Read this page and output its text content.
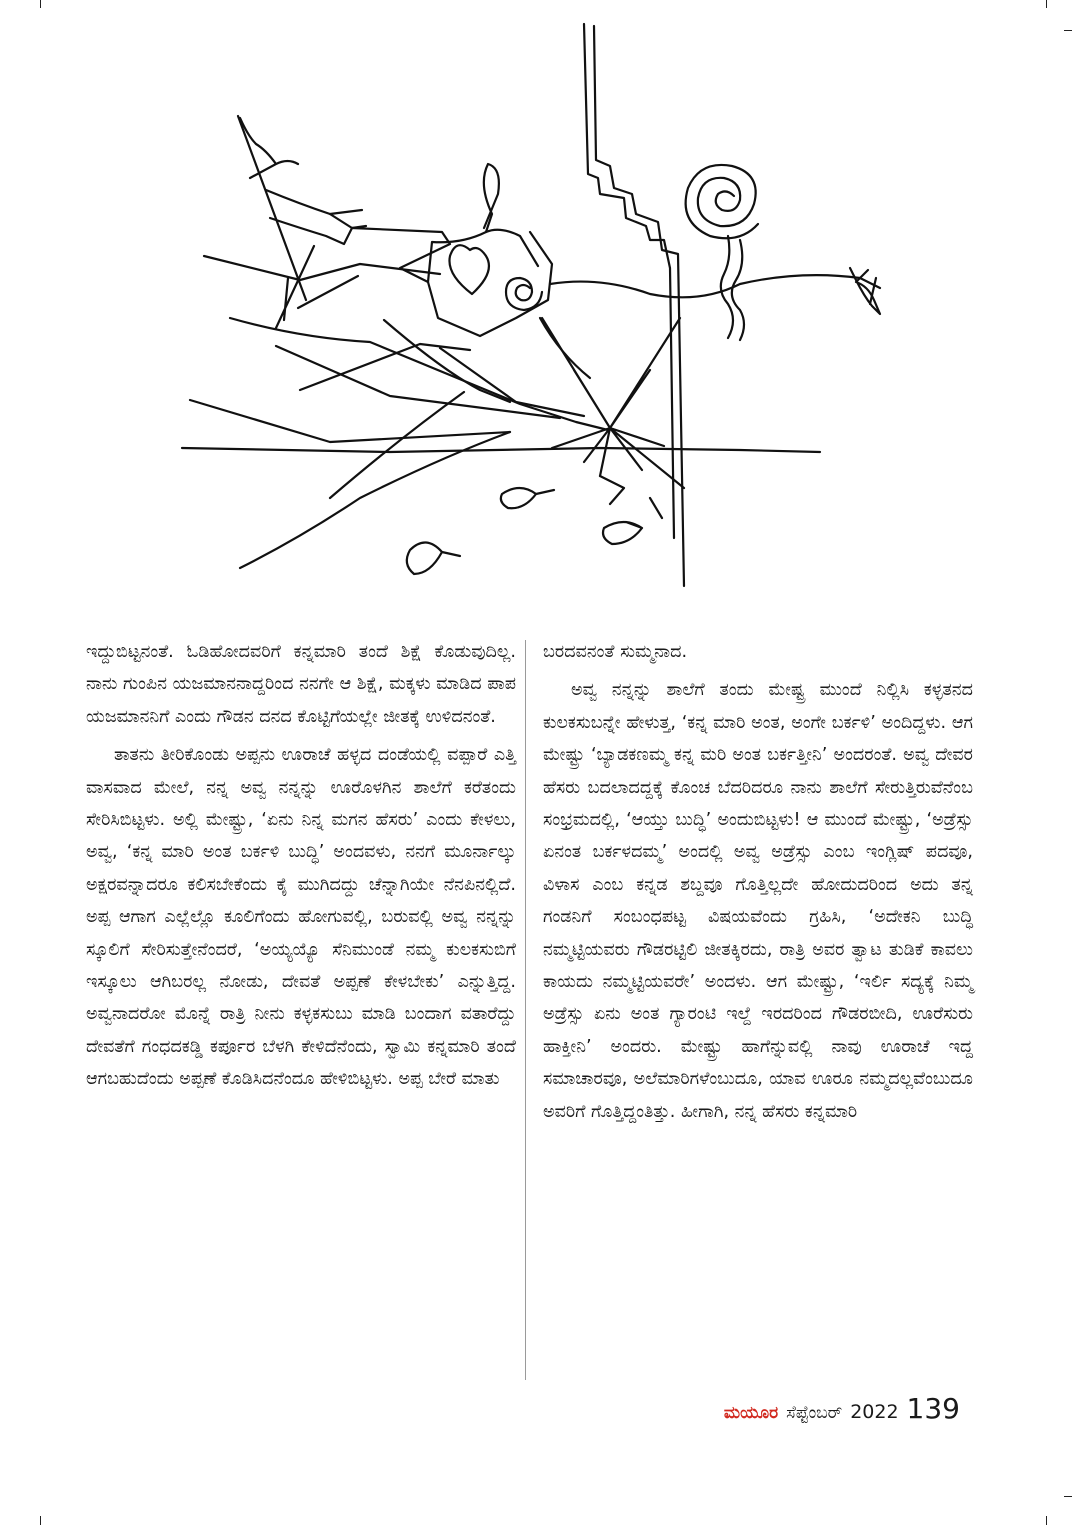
ಇದ್ದುಬಿಟ್ಟನಂತೆ. ಓಡಿಹೋದವರಿಗೆ ಕನ್ನಮಾರಿ ತಂದೆ ಶಿಕ್ಷೆ ಕೊಡುವುದಿಲ್ಲ. ನಾನು ಗುಂಪಿನ ಯಜಮಾನನಾದ್ದರಿಂದ ನನಗೇ ಆ ಶಿಕ್ಷೆ, ಮಕ್ಕಳು ಮಾಡಿದ ಪಾಪ ಯಜಮಾನನಿಗೆ ಎಂದು ಗೌಡನ ದನದ ಕೊಟ್ಟಿಗೆಯಲ್ಲೇ ಜೀತಕ್ಕೆ ಉಳಿದನಂತೆ.

ತಾತನು ತೀರಿಕೊಂಡು ಅಪ್ಪನು ಊರಾಚೆ ಹಳ್ಳದ ದಂಡೆಯಲ್ಲಿ ವಪ್ಪಾರೆ ಎತ್ತಿ ವಾಸವಾದ ಮೇಲೆ, ನನ್ನ ಅವ್ವ ನನ್ನನ್ನು ಊರೊಳಗಿನ ಶಾಲೆಗೆ ಕರೆತಂದು ಸೇರಿಸಿಬಿಟ್ಟಳು. ಅಲ್ಲಿ ಮೇಷ್ಟ್ರು, ‘ಏನು ನಿನ್ನ ಮಗನ ಹೆಸರು’ ಎಂದು ಕೇಳಲು, ಅವ್ವ, ‘ಕನ್ನ ಮಾರಿ ಅಂತ ಬರ್ಕಳಿ ಬುದ್ಧಿ’ ಅಂದವಳು, ನನಗೆ ಮೂರ್ನಾಲ್ಕು ಅಕ್ಷರವನ್ನಾದರೂ ಕಲಿಸಬೇಕೆಂದು ಕೈ ಮುಗಿದದ್ದು ಚೆನ್ನಾಗಿಯೇ ನೆನಪಿನಲ್ಲಿದೆ. ಅಪ್ಪ ಆಗಾಗ ಎಲ್ಲೆಲ್ಲೊ ಕೂಲಿಗೆಂದು ಹೋಗುವಲ್ಲಿ, ಬರುವಲ್ಲಿ ಅವ್ವ ನನ್ನನ್ನು ಸ್ಕೂಲಿಗೆ ಸೇರಿಸುತ್ತೇನೆಂದರೆ, ‘ಅಯ್ಯಯ್ಯೊ ಸೆನಿಮುಂಡೆ ನಮ್ಮ ಕುಲಕಸುಬಿಗೆ ಇಸ್ಕೂಲು ಆಗಿಬರಲ್ಲ ನೋಡು, ದೇವತೆ ಅಪ್ಪಣೆ ಕೇಳಬೇಕು’ ಎನ್ನುತ್ತಿದ್ದ. ಅವ್ವನಾದರೋ ಮೊನ್ನೆ ರಾತ್ರಿ ನೀನು ಕಳ್ಳಕಸುಬು ಮಾಡಿ ಬಂದಾಗ ವತಾರೆದ್ದು ದೇವತೆಗೆ ಗಂಧದಕಡ್ಡಿ ಕರ್ಪೂರ ಬೆಳಗಿ ಕೇಳಿದೆನೆಂದು, ಸ್ವಾಮಿ ಕನ್ನಮಾರಿ ತಂದೆ ಆಗಬಹುದೆಂದು ಅಪ್ಪಣೆ ಕೊಡಿಸಿದನೆಂದೂ ಹೇಳಿಬಿಟ್ಟಳು. ಅಪ್ಪ ಬೇರೆ ಮಾತು

ಬರದವನಂತೆ ಸುಮ್ಮನಾದ.

ಅವ್ವ ನನ್ನನ್ನು ಶಾಲೆಗೆ ತಂದು ಮೇಷ್ಟ್ರ ಮುಂದೆ ನಿಲ್ಲಿಸಿ ಕಳ್ಳತನದ ಕುಲಕಸುಬನ್ನೇ ಹೇಳುತ್ತ, ‘ಕನ್ನ ಮಾರಿ ಅಂತ, ಅಂಗೇ ಬರ್ಕಳಿ’ ಅಂದಿದ್ದಳು. ಆಗ ಮೇಷ್ಟ್ರು ‘ಬ್ಯಾಡಕಣಮ್ಮ ಕನ್ನ ಮರಿ ಅಂತ ಬರ್ಕತ್ತೀನಿ’ ಅಂದರಂತೆ. ಅವ್ವ ದೇವರ ಹೆಸರು ಬದಲಾದದ್ದಕ್ಕೆ ಕೊಂಚ ಬೆದರಿದರೂ ನಾನು ಶಾಲೆಗೆ ಸೇರುತ್ತಿರುವೆನೆಂಬ ಸಂಭ್ರಮದಲ್ಲಿ, ‘ಆಯ್ತು ಬುದ್ಧಿ’ ಅಂದುಬಿಟ್ಟಳು! ಆ ಮುಂದೆ ಮೇಷ್ಟ್ರು, ‘ಅಡ್ರೆಸ್ಸು ಏನಂತ ಬರ್ಕಳದಮ್ಮ’ ಅಂದಲ್ಲಿ ಅವ್ವ ಅಡ್ರೆಸ್ಸು ಎಂಬ ಇಂಗ್ಲಿಷ್ ಪದವೂ, ವಿಳಾಸ ಎಂಬ ಕನ್ನಡ ಶಬ್ದವೂ ಗೊತ್ತಿಲ್ಲದೇ ಹೋದುದರಿಂದ ಅದು ತನ್ನ ಗಂಡನಿಗೆ ಸಂಬಂಧಪಟ್ಟ ವಿಷಯವೆಂದು ಗ್ರಹಿಸಿ, ‘ಅದೇಕನಿ ಬುದ್ಧಿ ನಮ್ಮಟ್ಟಿಯವರು ಗೌಡರಟ್ಟಿಲಿ ಜೀತಕ್ಕಿರದು, ರಾತ್ರಿ ಅವರ ತ್ವಾಟ ತುಡಿಕೆ ಕಾವಲು ಕಾಯದು ನಮ್ಮಟ್ಟಿಯವರೇ’ ಅಂದಳು. ಆಗ ಮೇಷ್ಟ್ರು, ‘ಇರ್ಲಿ ಸದ್ಯಕ್ಕೆ ನಿಮ್ಮ ಅಡ್ರೆಸ್ಸು ಏನು ಅಂತ ಗ್ಯಾರಂಟಿ ಇಲ್ದೆ ಇರದರಿಂದ ಗೌಡರಬೀದಿ, ಊರೆಸುರು ಹಾಕ್ತೀನಿ’ ಅಂದರು. ಮೇಷ್ಟ್ರು ಹಾಗೆನ್ನುವಲ್ಲಿ ನಾವು ಊರಾಚೆ ಇದ್ದ ಸಮಾಚಾರವೂ, ಅಲೆಮಾರಿಗಳೆಂಬುದೂ, ಯಾವ ಊರೂ ನಮ್ಮದಲ್ಲವೆಂಬುದೂ ಅವರಿಗೆ ಗೊತ್ತಿದ್ದಂತಿತ್ತು. ಹೀಗಾಗಿ, ನನ್ನ ಹೆಸರು ಕನ್ನಮಾರಿ

ಮಯೂರ ಸೆಪ್ಟೆಂಬರ್ 2022 139
